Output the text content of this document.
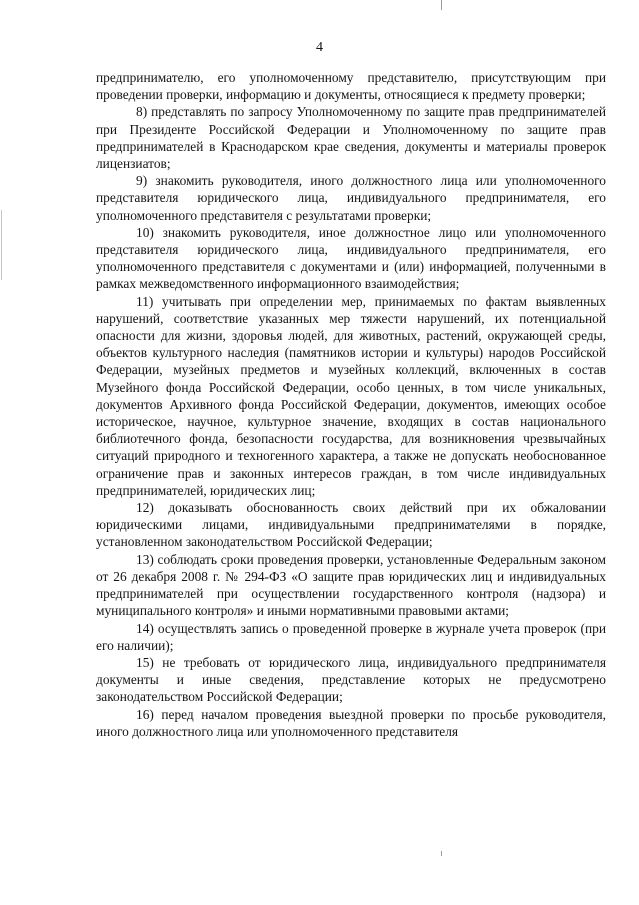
4

предпринимателю, его уполномоченному представителю, присутствующим при проведении проверки, информацию и документы, относящиеся к предмету проверки;

8) представлять по запросу Уполномоченному по защите прав предпринимателей при Президенте Российской Федерации и Уполномоченному по защите прав предпринимателей в Краснодарском крае сведения, документы и материалы проверок лицензиатов;

9) знакомить руководителя, иного должностного лица или уполномоченного представителя юридического лица, индивидуального предпринимателя, его уполномоченного представителя с результатами проверки;

10) знакомить руководителя, иное должностное лицо или уполномоченного представителя юридического лица, индивидуального предпринимателя, его уполномоченного представителя с документами и (или) информацией, полученными в рамках межведомственного информационного взаимодействия;

11) учитывать при определении мер, принимаемых по фактам выявленных нарушений, соответствие указанных мер тяжести нарушений, их потенциальной опасности для жизни, здоровья людей, для животных, растений, окружающей среды, объектов культурного наследия (памятников истории и культуры) народов Российской Федерации, музейных предметов и музейных коллекций, включенных в состав Музейного фонда Российской Федерации, особо ценных, в том числе уникальных, документов Архивного фонда Российской Федерации, документов, имеющих особое историческое, научное, культурное значение, входящих в состав национального библиотечного фонда, безопасности государства, для возникновения чрезвычайных ситуаций природного и техногенного характера, а также не допускать необоснованное ограничение прав и законных интересов граждан, в том числе индивидуальных предпринимателей, юридических лиц;

12) доказывать обоснованность своих действий при их обжаловании юридическими лицами, индивидуальными предпринимателями в порядке, установленном законодательством Российской Федерации;

13) соблюдать сроки проведения проверки, установленные Федеральным законом от 26 декабря 2008 г. № 294-ФЗ «О защите прав юридических лиц и индивидуальных предпринимателей при осуществлении государственного контроля (надзора) и муниципального контроля» и иными нормативными правовыми актами;

14) осуществлять запись о проведенной проверке в журнале учета проверок (при его наличии);

15) не требовать от юридического лица, индивидуального предпринимателя документы и иные сведения, представление которых не предусмотрено законодательством Российской Федерации;

16) перед началом проведения выездной проверки по просьбе руководителя, иного должностного лица или уполномоченного представителя
